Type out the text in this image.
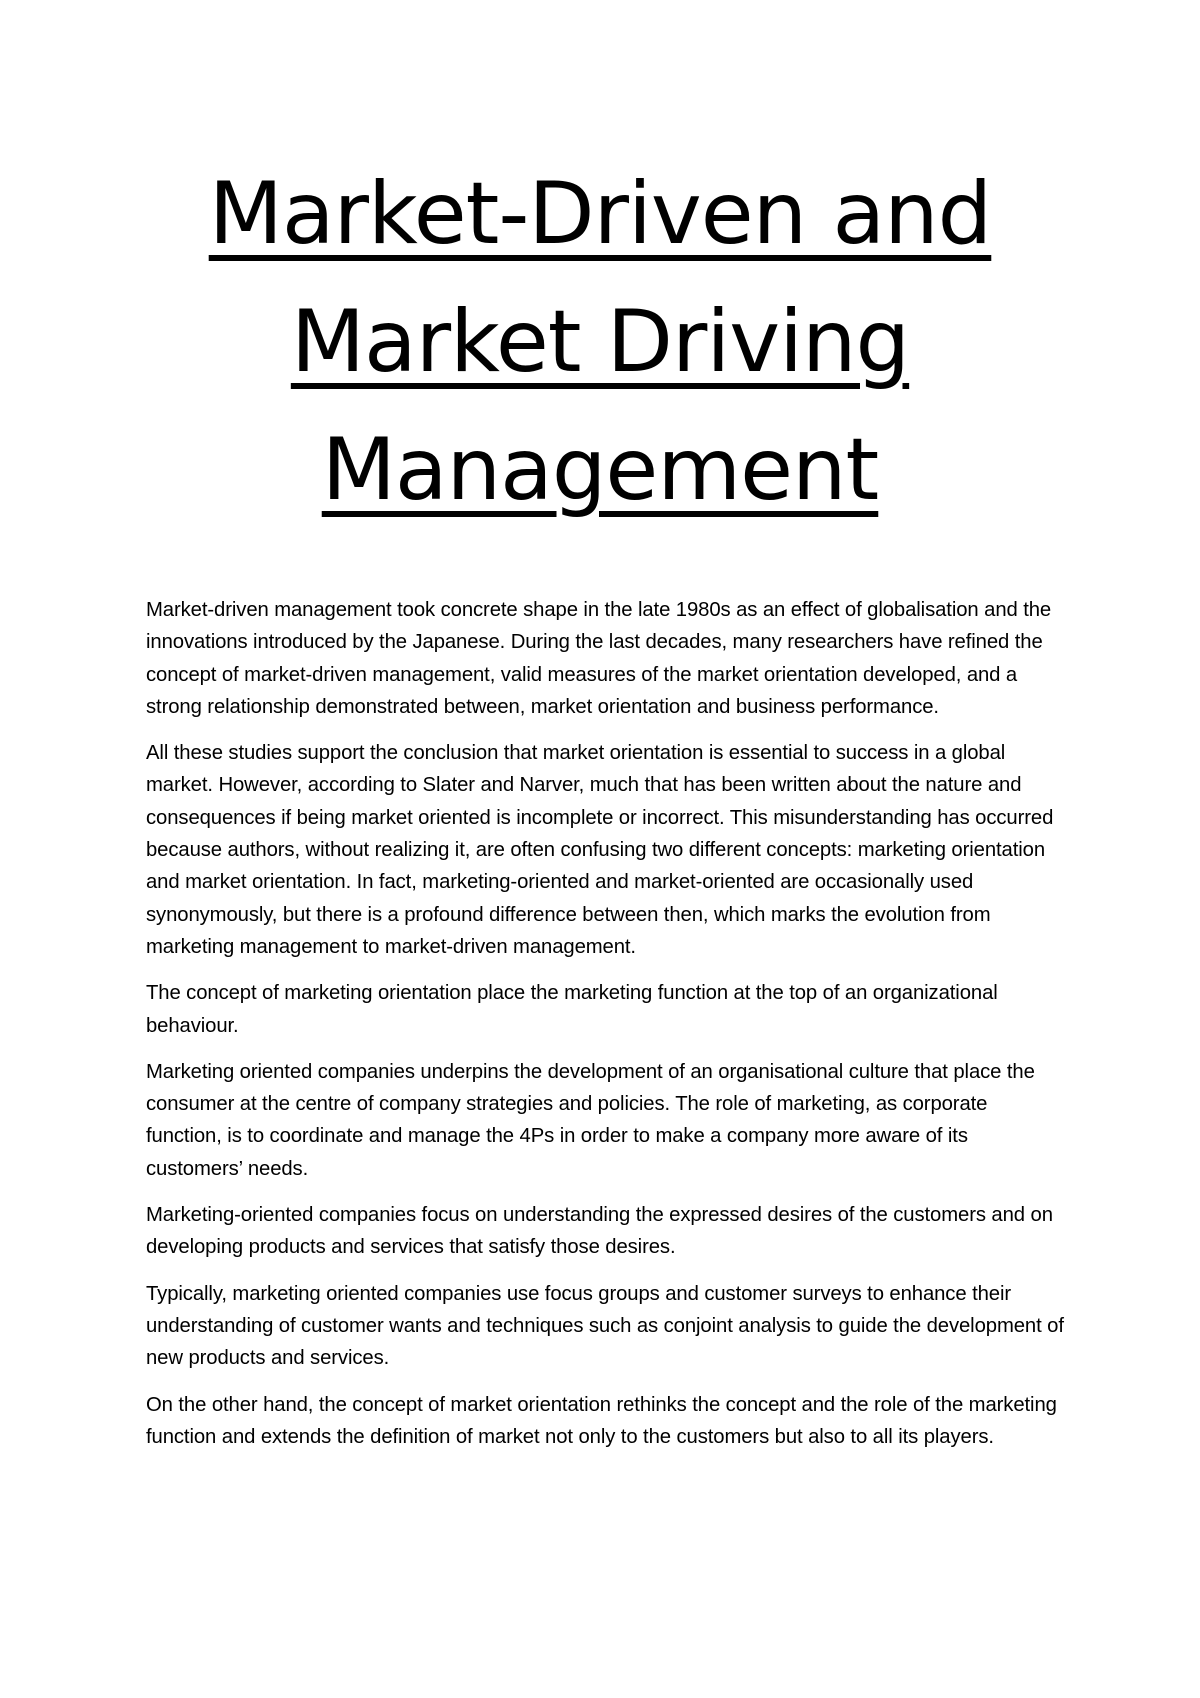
Market-Driven and
Market Driving
Management

Market-driven management took concrete shape in the late 1980s as an effect of globalisation and the innovations introduced by the Japanese. During the last decades, many researchers have refined the concept of market-driven management, valid measures of the market orientation developed, and a strong relationship demonstrated between, market orientation and business performance.

All these studies support the conclusion that market orientation is essential to success in a global market. However, according to Slater and Narver, much that has been written about the nature and consequences if being market oriented is incomplete or incorrect. This misunderstanding has occurred because authors, without realizing it, are often confusing two different concepts: marketing orientation and market orientation. In fact, marketing-oriented and market-oriented are occasionally used synonymously, but there is a profound difference between then, which marks the evolution from marketing management to market-driven management.

The concept of marketing orientation place the marketing function at the top of an organizational behaviour.

Marketing oriented companies underpins the development of an organisational culture that place the consumer at the centre of company strategies and policies. The role of marketing, as corporate function, is to coordinate and manage the 4Ps in order to make a company more aware of its customers’ needs.

Marketing-oriented companies focus on understanding the expressed desires of the customers and on developing products and services that satisfy those desires.

Typically, marketing oriented companies use focus groups and customer surveys to enhance their understanding of customer wants and techniques such as conjoint analysis to guide the development of new products and services.

On the other hand, the concept of market orientation rethinks the concept and the role of the marketing function and extends the definition of market not only to the customers but also to all its players.
